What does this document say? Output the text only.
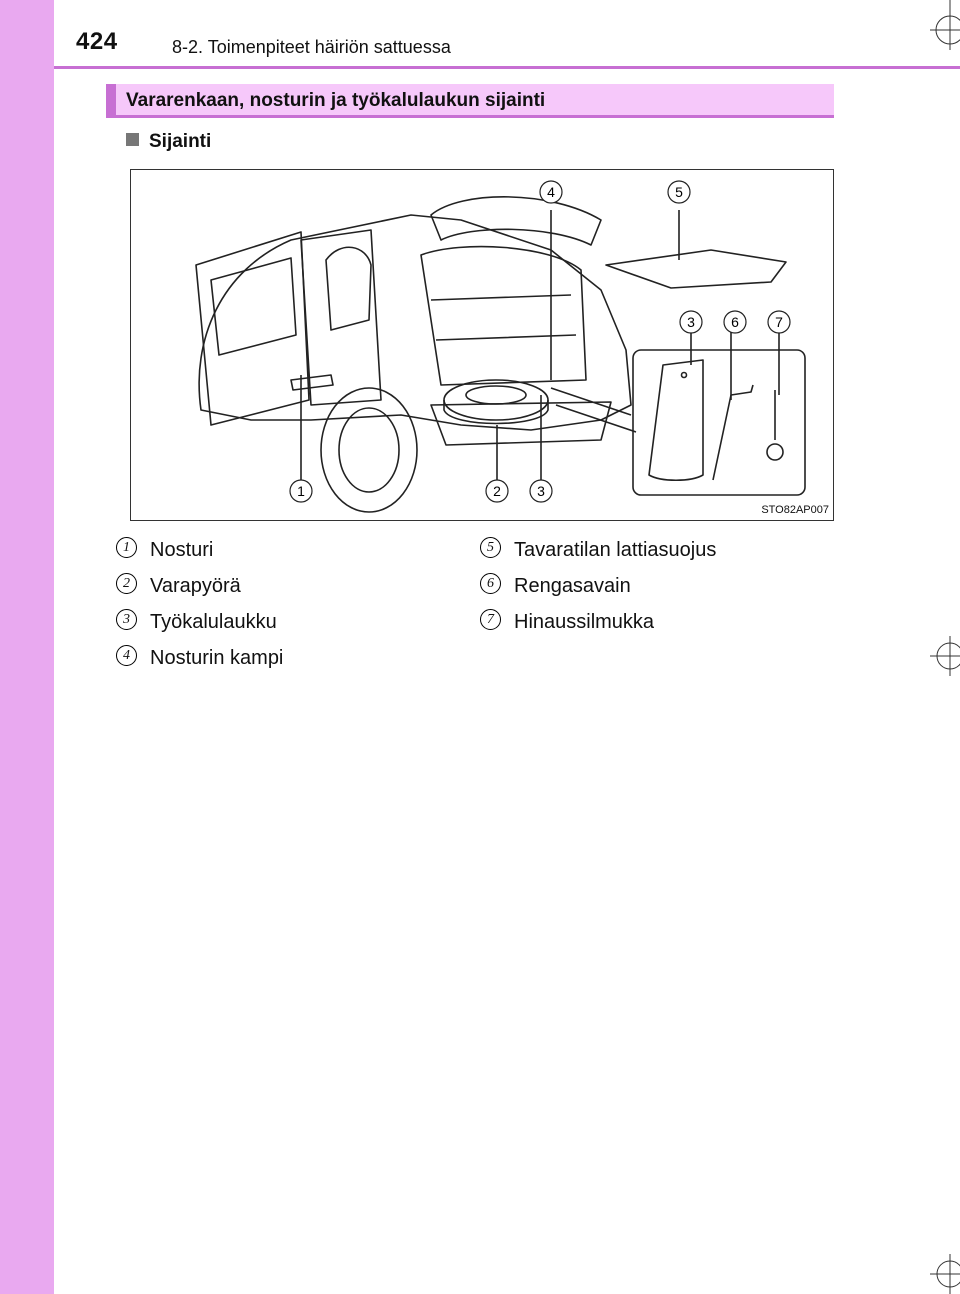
424	8-2. Toimenpiteet häiriön sattuessa
Vararenkaan, nosturin ja työkalulaukun sijainti
Sijainti
1	2	3
4	5
3	6	7
STO82AP007
1	Nosturi
2	Varapyörä
3	Työkalulaukku
4	Nosturin kampi
5	Tavaratilan lattiasuojus
6	Rengasavain
7	Hinaussilmukka
